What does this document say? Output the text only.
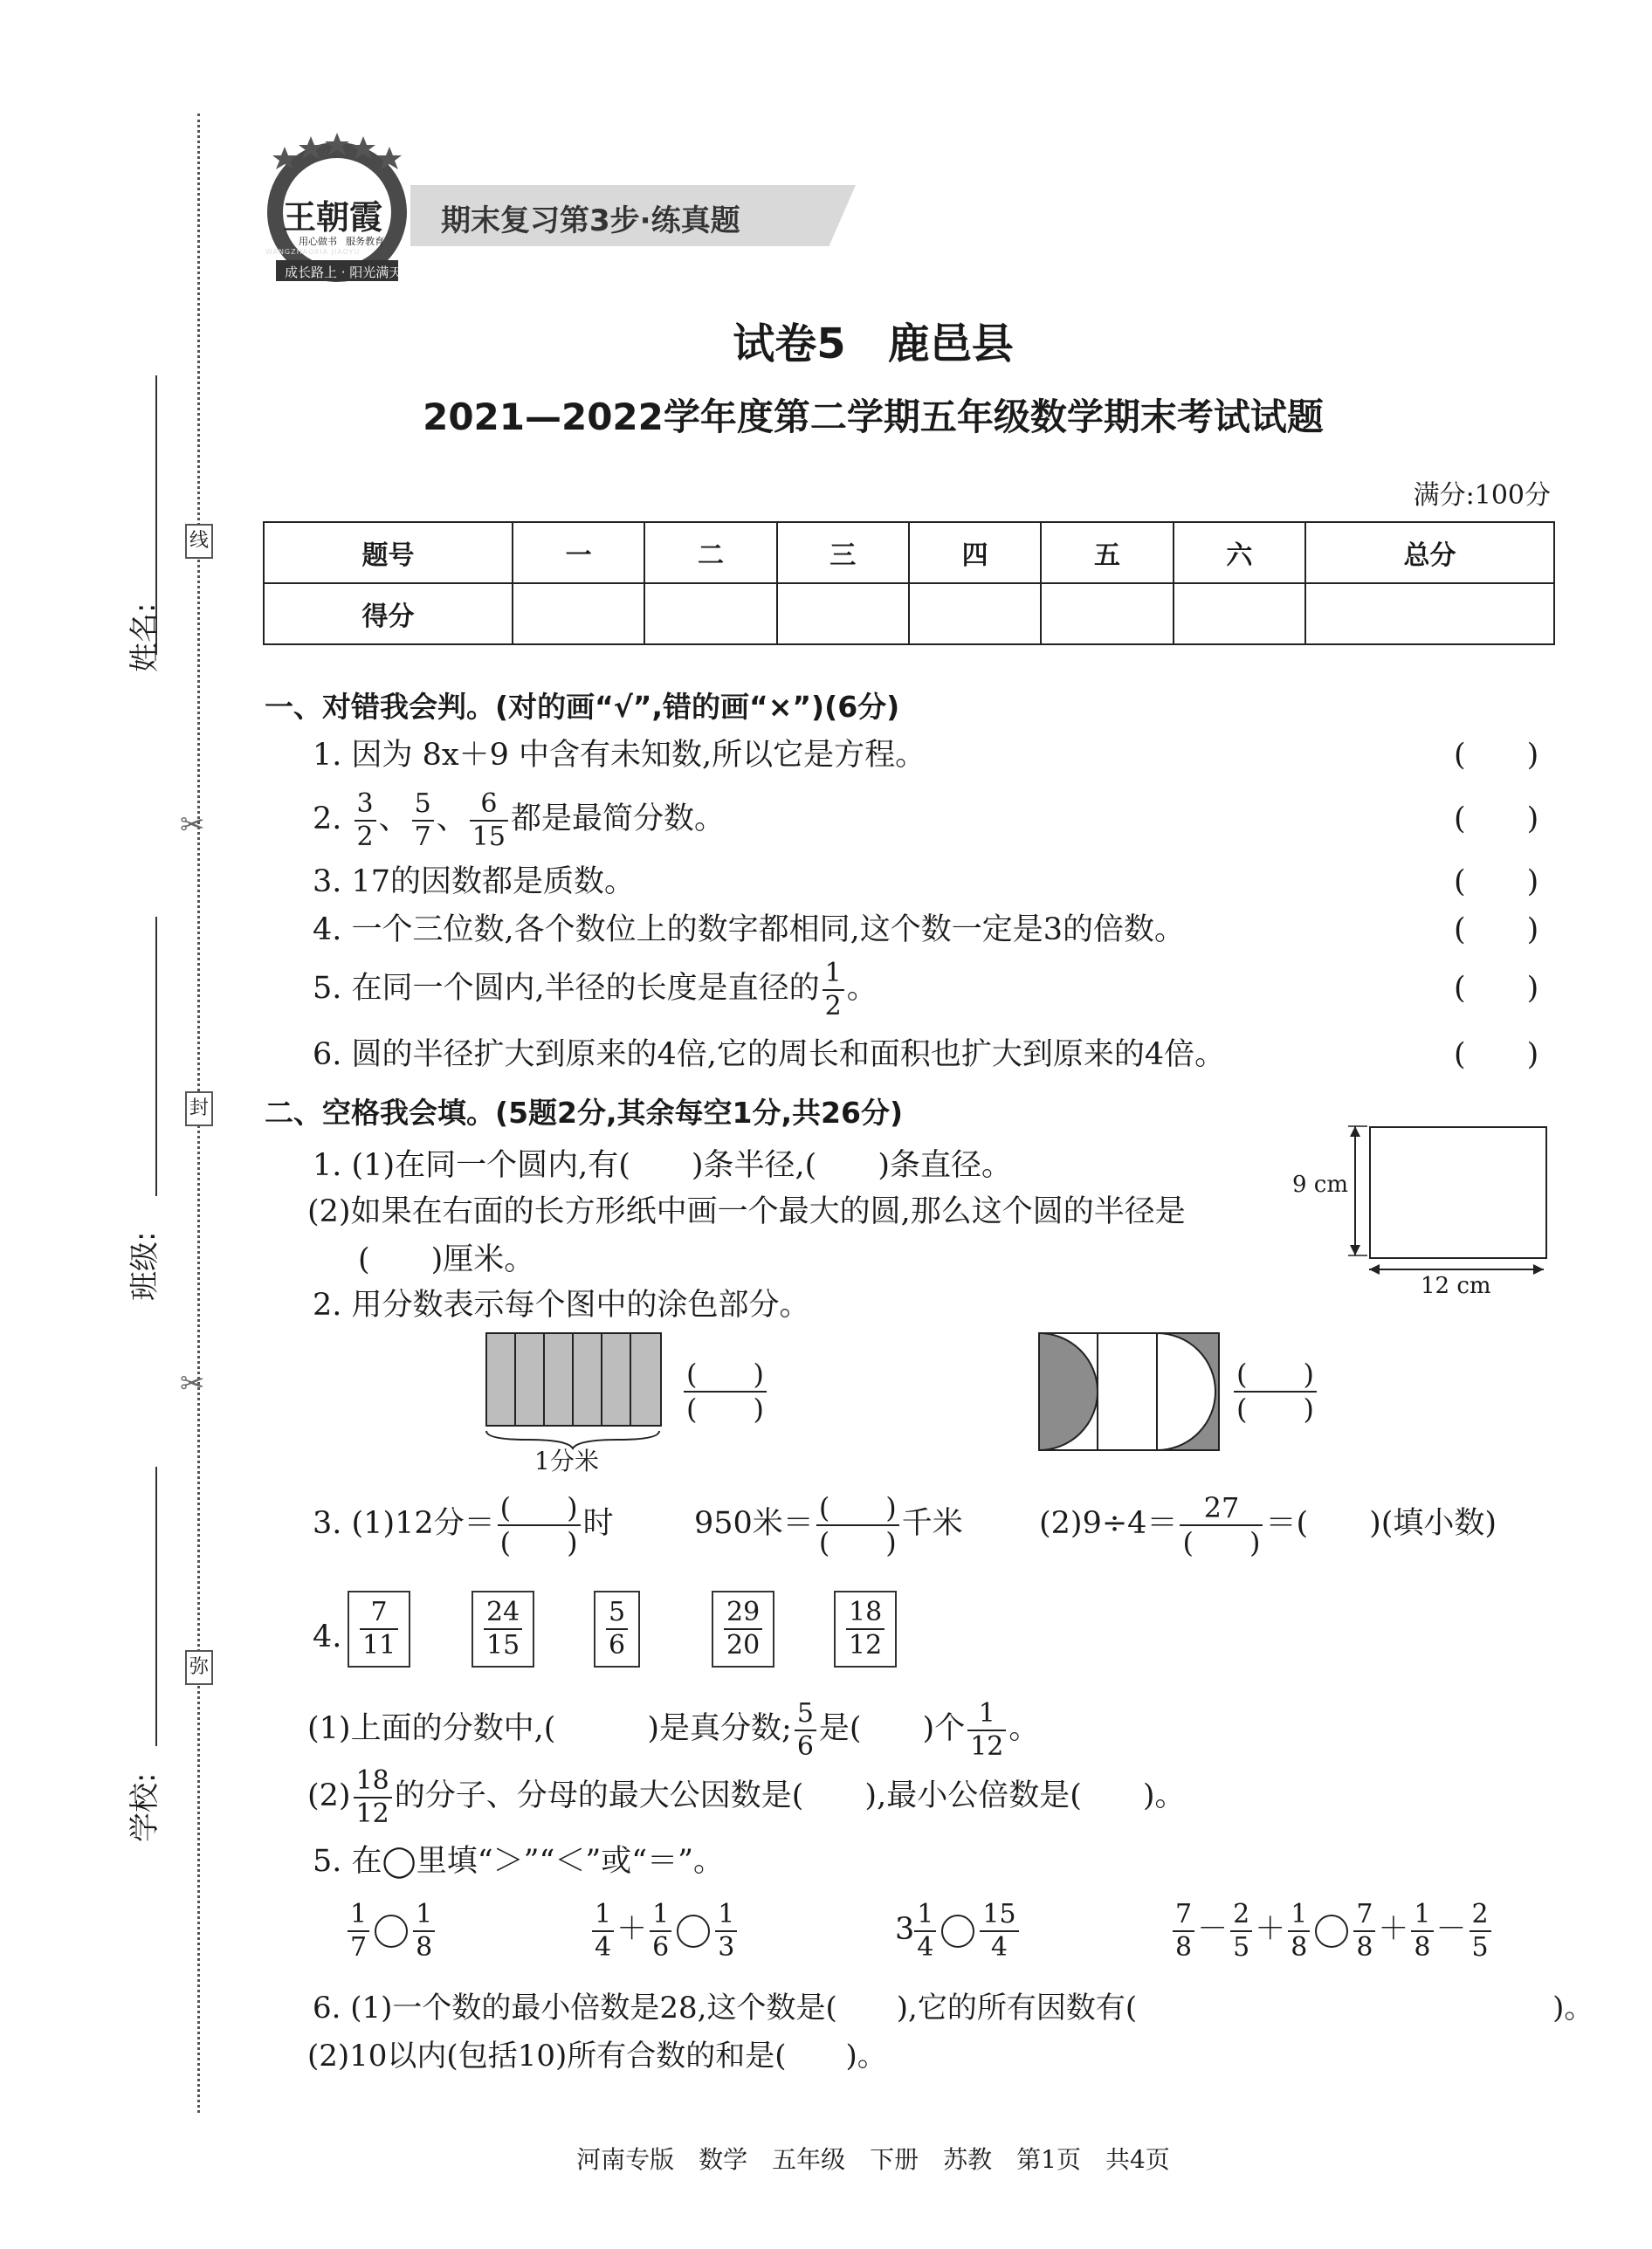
姓名:
班级:
学校:
线
封
弥
✂
✂
王朝霞
用心做书 服务教育
成长路上 · 阳光满天
WANGZHAOXIA JIAOYU
期末复习第3步·练真题
试卷5　鹿邑县
2021—2022学年度第二学期五年级数学期末考试试题
满分:100分
题号	一	二	三	四	五	六	总分
得分							
一、对错我会判。(对的画“√”,错的画“×”)(6分)
1. 因为 8x＋9 中含有未知数,所以它是方程。	(　　)
2. $\frac{3}{2}$ 、 $\frac{5}{7}$ 、 $\frac{6}{15}$ 都是最简分数。	(　　)
3. 17的因数都是质数。	(　　)
4. 一个三位数,各个数位上的数字都相同,这个数一定是3的倍数。	(　　)
5. 在同一个圆内,半径的长度是直径的 $\frac{1}{2}$ 。	(　　)
6. 圆的半径扩大到原来的4倍,它的周长和面积也扩大到原来的4倍。	(　　)
二、空格我会填。(5题2分,其余每空1分,共26分)
1. (1)在同一个圆内,有(　　)条半径,(　　)条直径。
(2)如果在右面的长方形纸中画一个最大的圆,那么这个圆的半径是
(　　)厘米。
9 cm
12 cm
2. 用分数表示每个图中的涂色部分。
1分米
(　　)
(　　)
(　　)
(　　)
3. (1)12分＝ $\frac{( )}{( )}$ 时	950米＝ $\frac{( )}{( )}$ 千米 $(2)9\div 4= \frac{27}{( )}$ ＝(　　)(填小数)
4. $\frac{7}{11} \frac{24}{15} \frac{5}{6}$	$\frac{29}{20} \frac{18}{12}$
(1)上面的分数中,(　　　)是真分数; $\frac{5}{6}$ 是(　　)个 $\frac{1}{12}$ 。
$(2) \frac{18}{12}$ 的分子、分母的最大公因数是(　　),最小公倍数是(　　)。
5. 在◯里填“＞”“＜”或“＝”。
$\frac{1}{7} \frac{1}{8}$	$\frac{1}{4} + \frac{1}{6} \frac{1}{3}$	$3 \frac{1}{4} \frac{15}{4}$	$\frac{7}{8} - \frac{2}{5} + \frac{1}{8} \frac{7}{8} + \frac{1}{8} - \frac{2}{5}$
6. (1)一个数的最小倍数是28,这个数是(　　),它的所有因数有(　　　　　　　　　　　　　　)。
(2)10以内(包括10)所有合数的和是(　　)。
河南专版　数学　五年级　下册　苏教　第1页　共4页
